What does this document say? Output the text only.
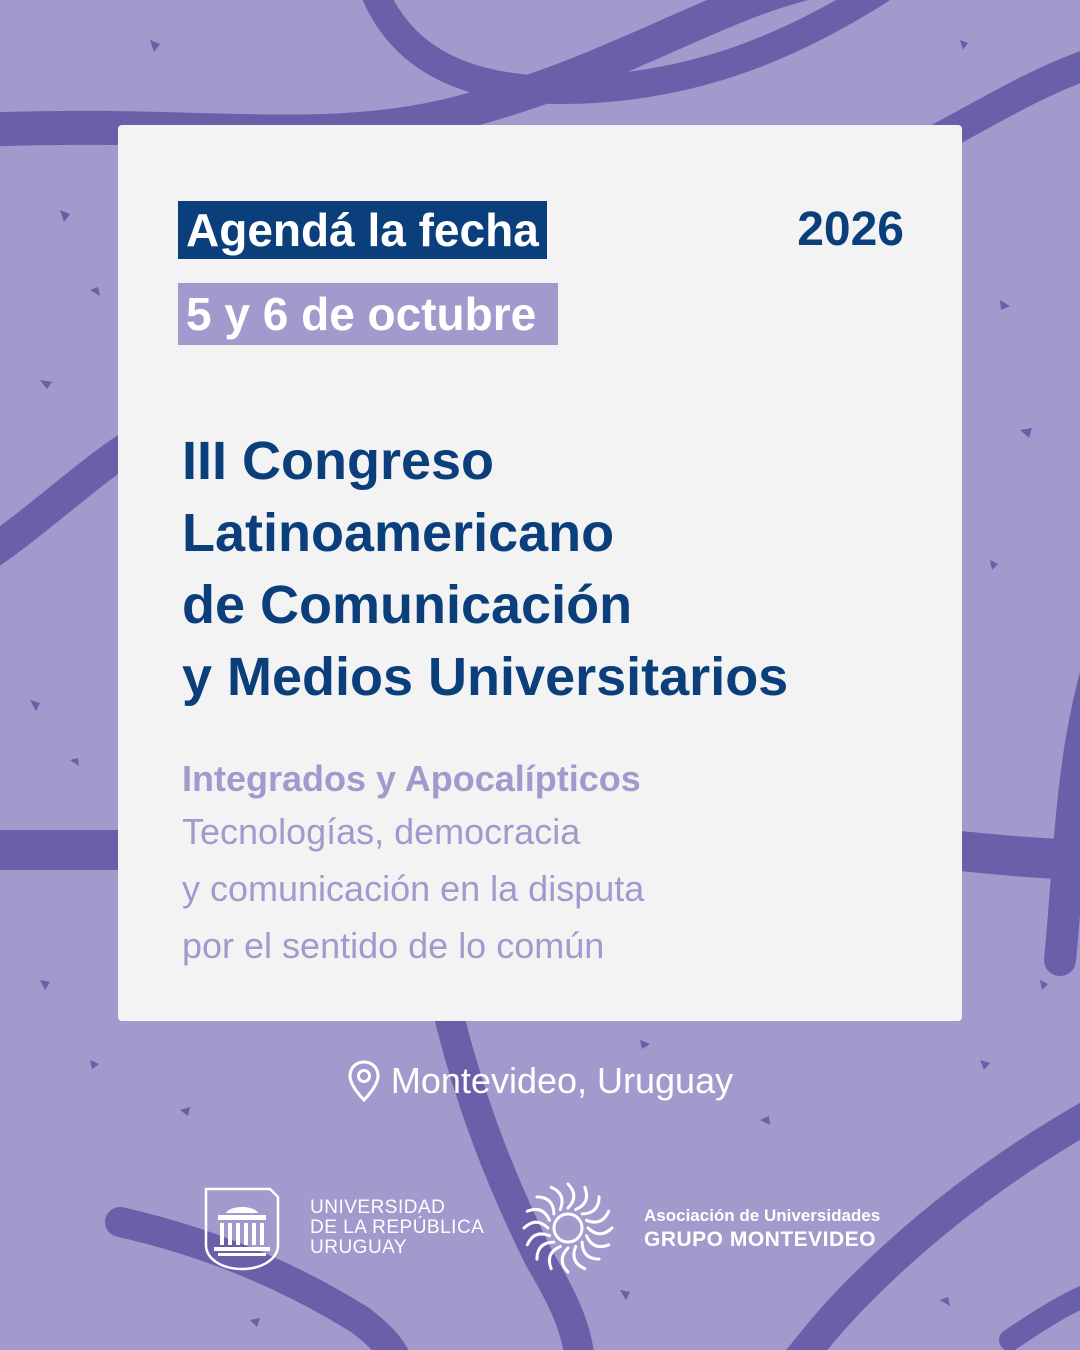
Agendá la fecha	2026
5 y 6 de octubre
III Congreso
Latinoamericano
de Comunicación
y Medios Universitarios
Integrados y Apocalípticos
Tecnologías, democracia
y comunicación en la disputa
por el sentido de lo común
Montevideo, Uruguay
UNIVERSIDAD
DE LA REPÚBLICA
URUGUAY
Asociación de Universidades
GRUPO MONTEVIDEO
